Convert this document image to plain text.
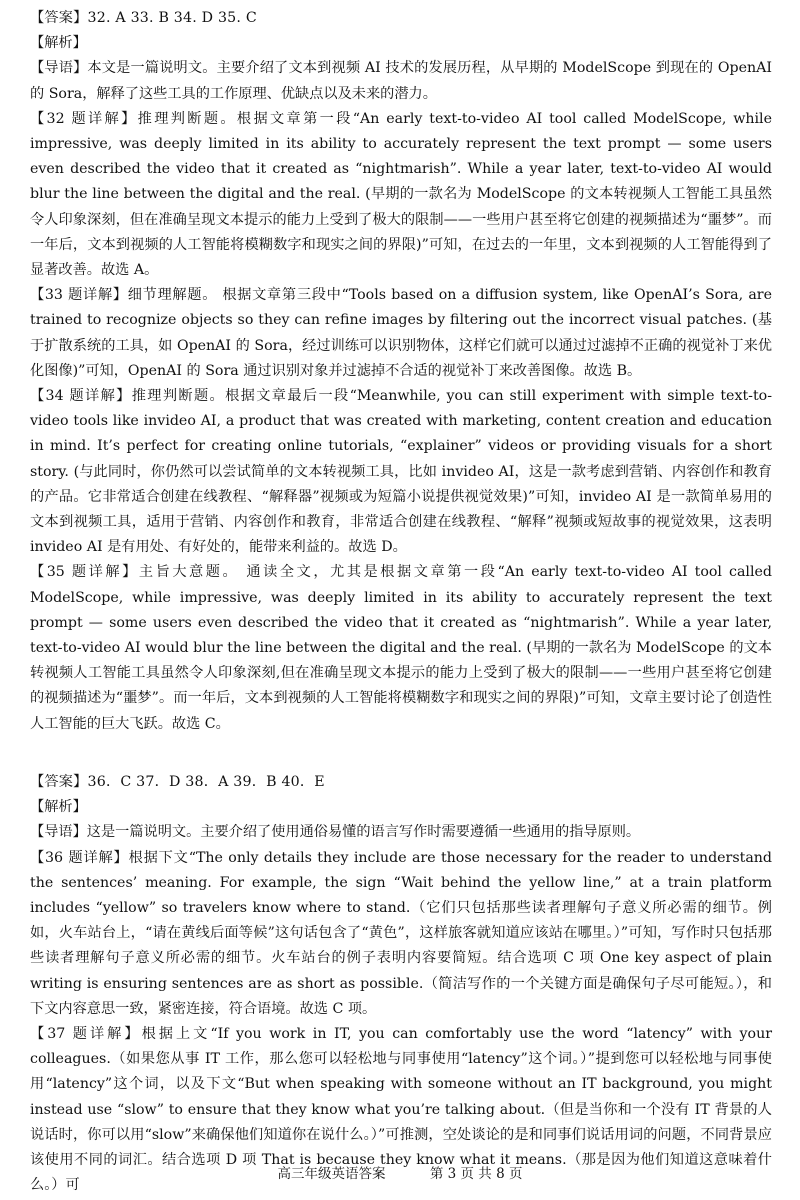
【答案】32. A 33. B 34. D 35. C

【解析】

【导语】本文是一篇说明文。主要介绍了文本到视频 AI 技术的发展历程，从早期的 ModelScope 到现在的 OpenAI 的 Sora，解释了这些工具的工作原理、优缺点以及未来的潜力。

【32 题详解】推理判断题。根据文章第一段“An early text-to-video AI tool called ModelScope, while impressive, was deeply limited in its ability to accurately represent the text prompt — some users even described the video that it created as “nightmarish”. While a year later, text-to-video AI would blur the line between the digital and the real. (早期的一款名为 ModelScope 的文本转视频人工智能工具虽然令人印象深刻，但在准确呈现文本提示的能力上受到了极大的限制——一些用户甚至将它创建的视频描述为“噩梦”。而一年后，文本到视频的人工智能将模糊数字和现实之间的界限)”可知，在过去的一年里，文本到视频的人工智能得到了显著改善。故选 A。

【33 题详解】细节理解题。 根据文章第三段中“Tools based on a diffusion system, like OpenAI’s Sora, are trained to recognize objects so they can refine images by filtering out the incorrect visual patches. (基于扩散系统的工具，如 OpenAI 的 Sora，经过训练可以识别物体，这样它们就可以通过过滤掉不正确的视觉补丁来优化图像)”可知，OpenAI 的 Sora 通过识别对象并过滤掉不合适的视觉补丁来改善图像。故选 B。

【34 题详解】推理判断题。根据文章最后一段“Meanwhile, you can still experiment with simple text-to-video tools like invideo AI, a product that was created with marketing, content creation and education in mind. It’s perfect for creating online tutorials, “explainer” videos or providing visuals for a short story. (与此同时，你仍然可以尝试简单的文本转视频工具，比如 invideo AI，这是一款考虑到营销、内容创作和教育的产品。它非常适合创建在线教程、“解释器”视频或为短篇小说提供视觉效果)”可知，invideo AI 是一款简单易用的文本到视频工具，适用于营销、内容创作和教育，非常适合创建在线教程、“解释”视频或短故事的视觉效果，这表明 invideo AI 是有用处、有好处的，能带来利益的。故选 D。

【35 题详解】主旨大意题。 通读全文，尤其是根据文章第一段“An early text-to-video AI tool called ModelScope, while impressive, was deeply limited in its ability to accurately represent the text prompt — some users even described the video that it created as “nightmarish”. While a year later, text-to-video AI would blur the line between the digital and the real. (早期的一款名为 ModelScope 的文本转视频人工智能工具虽然令人印象深刻,但在准确呈现文本提示的能力上受到了极大的限制——一些用户甚至将它创建的视频描述为“噩梦”。而一年后，文本到视频的人工智能将模糊数字和现实之间的界限)”可知，文章主要讨论了创造性人工智能的巨大飞跃。故选 C。

【答案】36．C 37．D 38．A 39．B 40．E

【解析】

【导语】这是一篇说明文。主要介绍了使用通俗易懂的语言写作时需要遵循一些通用的指导原则。

【36 题详解】根据下文“The only details they include are those necessary for the reader to understand the sentences’ meaning. For example, the sign “Wait behind the yellow line,” at a train platform includes “yellow” so travelers know where to stand.（它们只包括那些读者理解句子意义所必需的细节。例如，火车站台上，“请在黄线后面等候”这句话包含了“黄色”，这样旅客就知道应该站在哪里。）”可知，写作时只包括那些读者理解句子意义所必需的细节。火车站台的例子表明内容要简短。结合选项 C 项 One key aspect of plain writing is ensuring sentences are as short as possible.（简洁写作的一个关键方面是确保句子尽可能短。），和下文内容意思一致，紧密连接，符合语境。故选 C 项。

【37 题详解】根据上文“If you work in IT, you can comfortably use the word “latency” with your colleagues.（如果您从事 IT 工作，那么您可以轻松地与同事使用“latency”这个词。）”提到您可以轻松地与同事使用“latency”这个词，以及下文“But when speaking with someone without an IT background, you might instead use “slow” to ensure that they know what you’re talking about.（但是当你和一个没有 IT 背景的人说话时，你可以用“slow”来确保他们知道你在说什么。）”可推测，空处谈论的是和同事们说话用词的问题，不同背景应该使用不同的词汇。结合选项 D 项 That is because they know what it means.（那是因为他们知道这意味着什么。）可

高三年级英语答案	第 3 页 共 8 页
